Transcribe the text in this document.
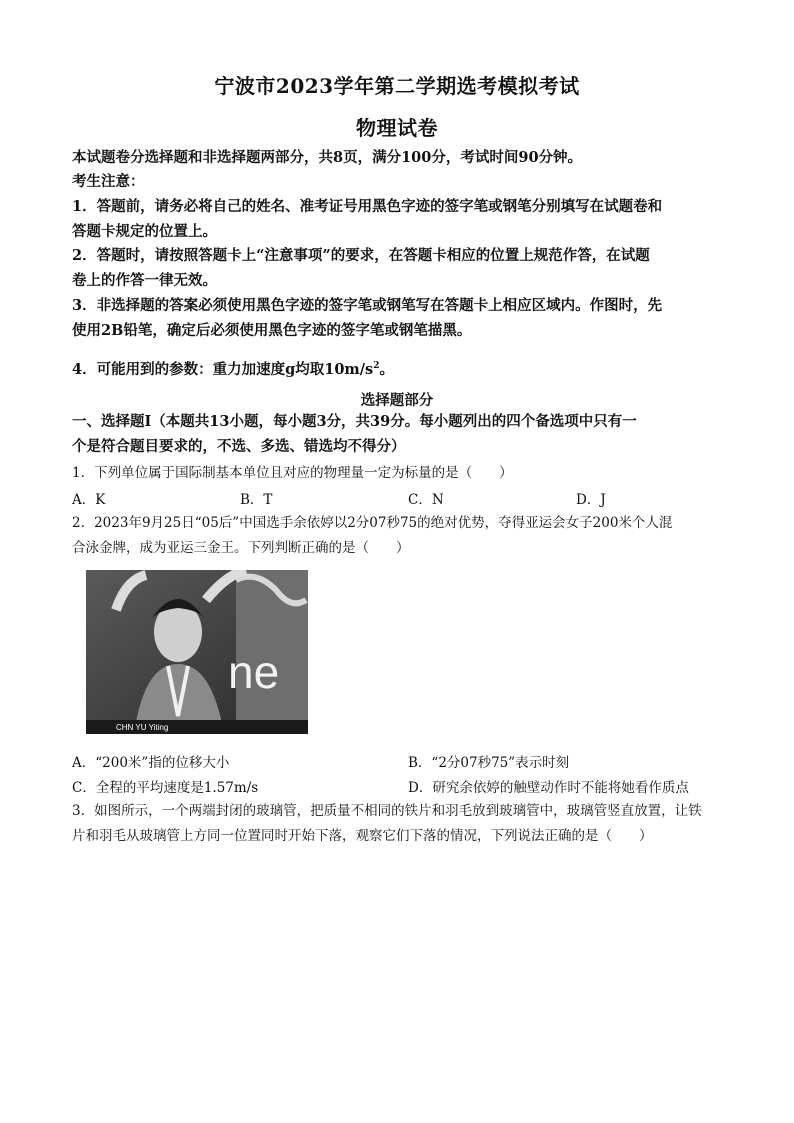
宁波市2023学年第二学期选考模拟考试
物理试卷
本试题卷分选择题和非选择题两部分，共8页，满分100分，考试时间90分钟。
考生注意：
1．答题前，请务必将自己的姓名、准考证号用黑色字迹的签字笔或钢笔分别填写在试题卷和
答题卡规定的位置上。
2．答题时，请按照答题卡上“注意事项”的要求，在答题卡相应的位置上规范作答，在试题
卷上的作答一律无效。
3．非选择题的答案必须使用黑色字迹的签字笔或钢笔写在答题卡上相应区域内。作图时，先
使用2B铅笔，确定后必须使用黑色字迹的签字笔或钢笔描黑。
4．可能用到的参数：重力加速度g均取$10m/s^2$。
选择题部分
一、选择题Ⅰ（本题共13小题，每小题3分，共39分。每小题列出的四个备选项中只有一
个是符合题目要求的，不选、多选、错选均不得分）
1．下列单位属于国际制基本单位且对应的物理量一定为标量的是（　　）
A．K	B．T	C．N	D．J
2．2023年9月25日“05后”中国选手余依婷以2分07秒75的绝对优势，夺得亚运会女子200米个人混
合泳金牌，成为亚运三金王。下列判断正确的是（　　）
ne
CHN YU Yiting
A．“200米”指的位移大小	B．“2分07秒75”表示时刻
C．全程的平均速度是1.57m/s	D．研究余依婷的触壁动作时不能将她看作质点
3．如图所示，一个两端封闭的玻璃管，把质量不相同的铁片和羽毛放到玻璃管中，玻璃管竖直放置，让铁
片和羽毛从玻璃管上方同一位置同时开始下落，观察它们下落的情况，下列说法正确的是（　　）
